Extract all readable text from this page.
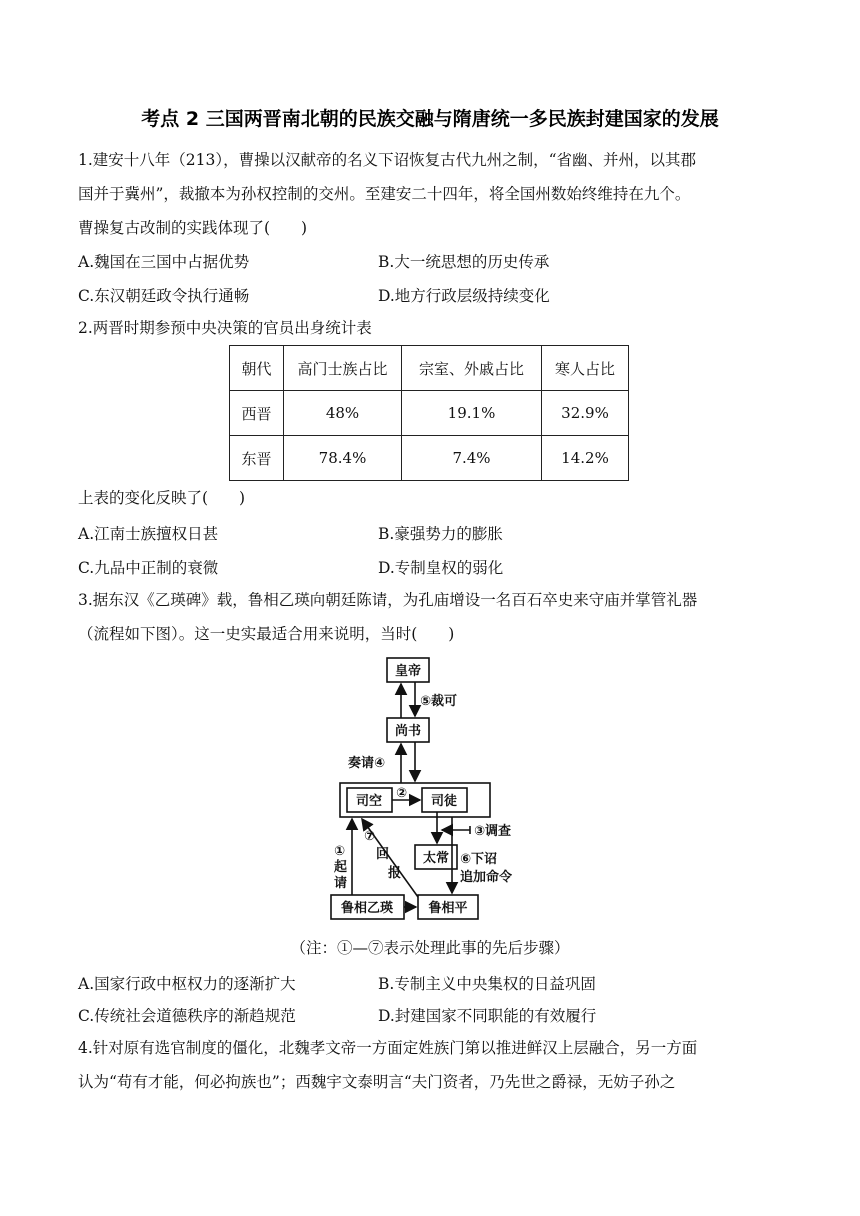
考点 2 三国两晋南北朝的民族交融与隋唐统一多民族封建国家的发展
1.建安十八年（213），曹操以汉献帝的名义下诏恢复古代九州之制，“省幽、并州，以其郡
国并于冀州”，裁撤本为孙权控制的交州。至建安二十四年，将全国州数始终维持在九个。
曹操复古改制的实践体现了(　　)
A.魏国在三国中占据优势	B.大一统思想的历史传承
C.东汉朝廷政令执行通畅	D.地方行政层级持续变化
2.两晋时期参预中央决策的官员出身统计表
朝代	高门士族占比	宗室、外戚占比	寒人占比
西晋	48%	19.1%	32.9%
东晋	78.4%	7.4%	14.2%
上表的变化反映了(　　)
A.江南士族擅权日甚	B.豪强势力的膨胀
C.九品中正制的衰微	D.专制皇权的弱化
3.据东汉《乙瑛碑》载，鲁相乙瑛向朝廷陈请，为孔庙增设一名百石卒史来守庙并掌管礼器
（流程如下图）。这一史实最适合用来说明，当时(　　)
皇帝
尚书
司空	司徒
太常
鲁相乙瑛	鲁相平
⑤裁可
奏请④
②
③调查
①
起
请
⑦
回
报
⑥下诏
追加命令
（注：①—⑦表示处理此事的先后步骤）
A.国家行政中枢权力的逐渐扩大	B.专制主义中央集权的日益巩固
C.传统社会道德秩序的渐趋规范	D.封建国家不同职能的有效履行
4.针对原有选官制度的僵化，北魏孝文帝一方面定姓族门第以推进鲜汉上层融合，另一方面
认为“苟有才能，何必拘族也”；西魏宇文泰明言“夫门资者，乃先世之爵禄，无妨子孙之
